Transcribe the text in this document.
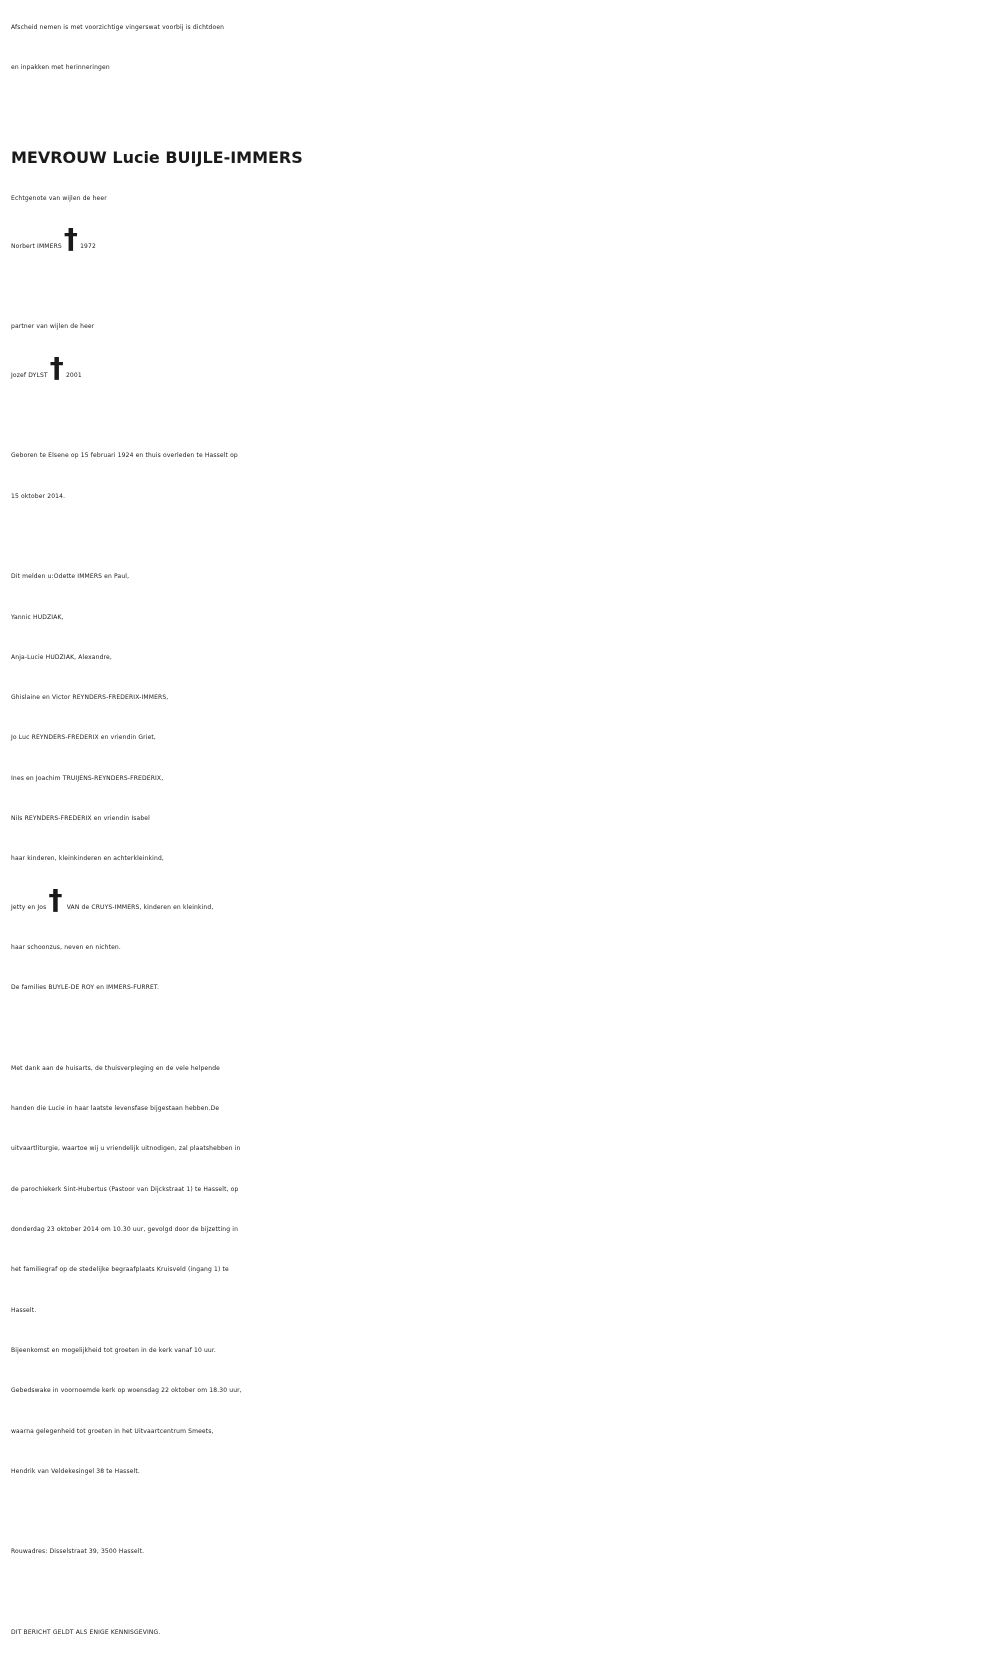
Afscheid nemen is met voorzichtige vingerswat voorbij is dichtdoen
en inpakken met herinneringen
MEVROUW Lucie BUIJLE-IMMERS
Echtgenote van wijlen de heer
Norbert IMMERS † 1972
partner van wijlen de heer
Jozef DYLST † 2001
Geboren te Elsene op 15 februari 1924 en thuis overleden te Hasselt op
15 oktober 2014.
Dit melden u:Odette IMMERS en Paul,
Yannic HUDZIAK,
Anja-Lucie HUDZIAK, Alexandre,
Ghislaine en Victor REYNDERS-FREDERIX-IMMERS,
Jo Luc REYNDERS-FREDERIX en vriendin Griet,
Ines en Joachim TRUIJENS-REYNDERS-FREDERIX,
Nils REYNDERS-FREDERIX en vriendin Isabel
haar kinderen, kleinkinderen en achterkleinkind,
Jetty en Jos † VAN de CRUYS-IMMERS, kinderen en kleinkind,
haar schoonzus, neven en nichten.
De families BUYLE-DE ROY en IMMERS-FURRET.
Met dank aan de huisarts, de thuisverpleging en de vele helpende
handen die Lucie in haar laatste levensfase bijgestaan hebben.De
uitvaartliturgie, waartoe wij u vriendelijk uitnodigen, zal plaatshebben in
de parochiekerk Sint-Hubertus (Pastoor van Dijckstraat 1) te Hasselt, op
donderdag 23 oktober 2014 om 10.30 uur, gevolgd door de bijzetting in
het familiegraf op de stedelijke begraafplaats Kruisveld (ingang 1) te
Hasselt.
Bijeenkomst en mogelijkheid tot groeten in de kerk vanaf 10 uur.
Gebedswake in voornoemde kerk op woensdag 22 oktober om 18.30 uur,
waarna gelegenheid tot groeten in het Uitvaartcentrum Smeets,
Hendrik van Veldekesingel 38 te Hasselt.
Rouwadres: Disselstraat 39, 3500 Hasselt.
DIT BERICHT GELDT ALS ENIGE KENNISGEVING.
